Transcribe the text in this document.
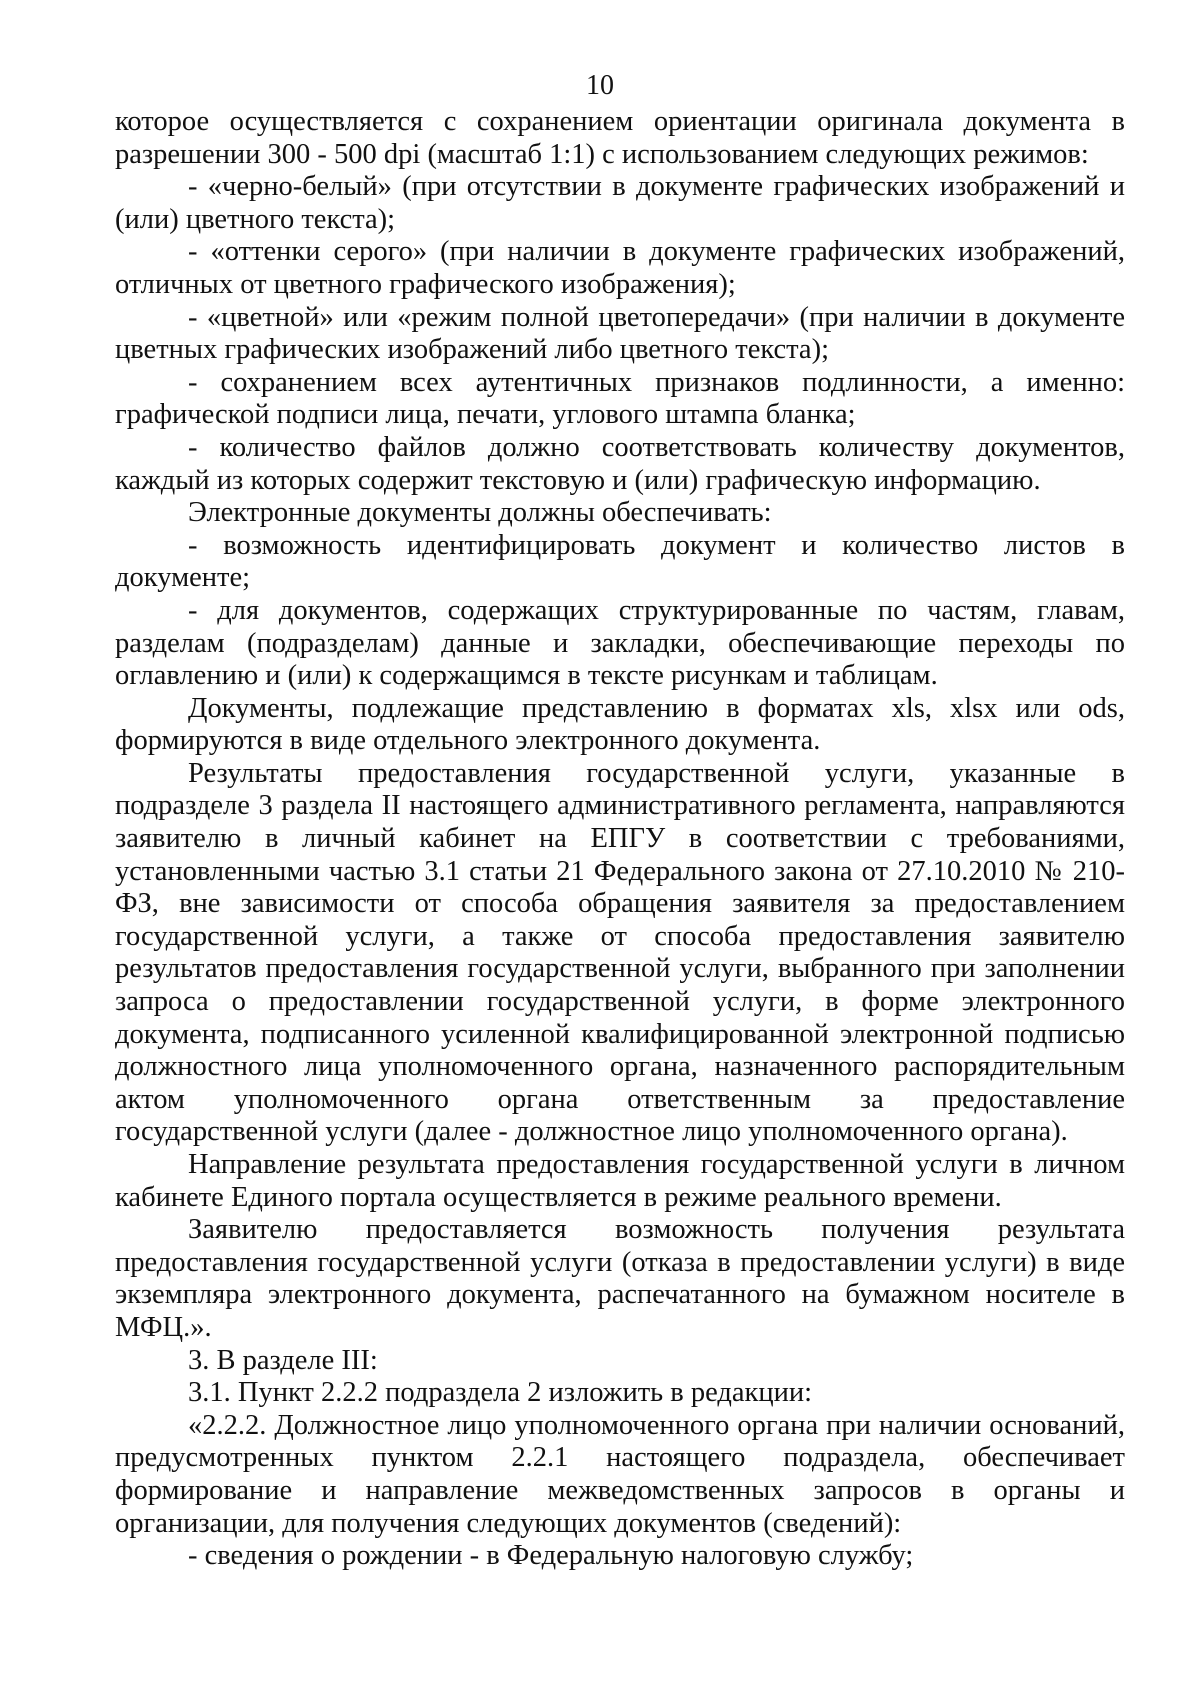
10

которое осуществляется с сохранением ориентации оригинала документа в разрешении 300 - 500 dpi (масштаб 1:1) с использованием следующих режимов:

- «черно-белый» (при отсутствии в документе графических изображений и (или) цветного текста);

- «оттенки серого» (при наличии в документе графических изображений, отличных от цветного графического изображения);

- «цветной» или «режим полной цветопередачи» (при наличии в документе цветных графических изображений либо цветного текста);

- сохранением всех аутентичных признаков подлинности, а именно: графической подписи лица, печати, углового штампа бланка;

- количество файлов должно соответствовать количеству документов, каждый из которых содержит текстовую и (или) графическую информацию.

Электронные документы должны обеспечивать:

- возможность идентифицировать документ и количество листов в документе;

- для документов, содержащих структурированные по частям, главам, разделам (подразделам) данные и закладки, обеспечивающие переходы по оглавлению и (или) к содержащимся в тексте рисункам и таблицам.

Документы, подлежащие представлению в форматах xls, xlsx или ods, формируются в виде отдельного электронного документа.

Результаты предоставления государственной услуги, указанные в подразделе 3 раздела II настоящего административного регламента, направляются заявителю в личный кабинет на ЕПГУ в соответствии с требованиями, установленными частью 3.1 статьи 21 Федерального закона от 27.10.2010 № 210-ФЗ, вне зависимости от способа обращения заявителя за предоставлением государственной услуги, а также от способа предоставления заявителю результатов предоставления государственной услуги, выбранного при заполнении запроса о предоставлении государственной услуги, в форме электронного документа, подписанного усиленной квалифицированной электронной подписью должностного лица уполномоченного органа, назначенного распорядительным актом уполномоченного органа ответственным за предоставление государственной услуги (далее - должностное лицо уполномоченного органа).

Направление результата предоставления государственной услуги в личном кабинете Единого портала осуществляется в режиме реального времени.

Заявителю предоставляется возможность получения результата предоставления государственной услуги (отказа в предоставлении услуги) в виде экземпляра электронного документа, распечатанного на бумажном носителе в МФЦ.».

3. В разделе III:

3.1. Пункт 2.2.2 подраздела 2 изложить в редакции:

«2.2.2. Должностное лицо уполномоченного органа при наличии оснований, предусмотренных пунктом 2.2.1 настоящего подраздела, обеспечивает формирование и направление межведомственных запросов в органы и организации, для получения следующих документов (сведений):

- сведения о рождении - в Федеральную налоговую службу;
